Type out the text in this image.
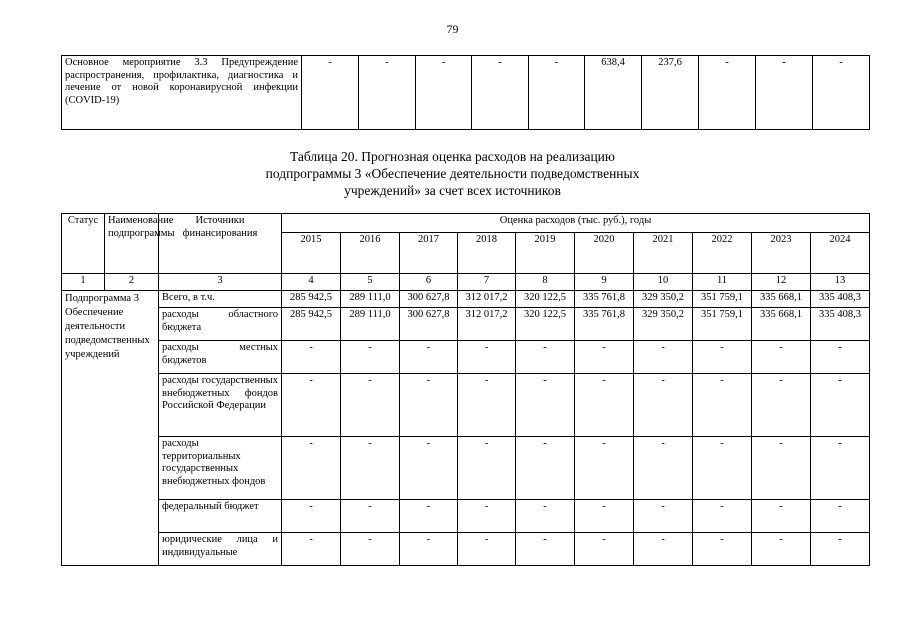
79
Основное мероприятие 3.3 Предупреждение распространения, профилактика, диагностика и лечение от новой коронавирусной инфекции (COVID-19)	-	-	-	-	-	638,4	237,6	-	-	-
Таблица 20. Прогнозная оценка расходов на реализацию
подпрограммы 3 «Обеспечение деятельности подведомственных
учреждений» за счет всех источников
Статус	Наименование подпрограммы	Источники финансирования	Оценка расходов (тыс. руб.), годы									
			2015	2016	2017	2018	2019	2020	2021	2022	2023	2024
1	2	3	4	5	6	7	8	9	10	11	12	13
Подпрограмма 3 Обеспечение деятельности подведомственных учреждений		Всего, в т.ч.	285 942,5	289 111,0	300 627,8	312 017,2	320 122,5	335 761,8	329 350,2	351 759,1	335 668,1	335 408,3
		расходы областного бюджета	285 942,5	289 111,0	300 627,8	312 017,2	320 122,5	335 761,8	329 350,2	351 759,1	335 668,1	335 408,3
		расходы местных бюджетов	-	-	-	-	-	-	-	-	-	-
		расходы государственных внебюджетных фондов Российской Федерации	-	-	-	-	-	-	-	-	-	-
		расходы территориальных государственных внебюджетных фондов	-	-	-	-	-	-	-	-	-	-
		федеральный бюджет	-	-	-	-	-	-	-	-	-	-
		юридические лица и индивидуальные	-	-	-	-	-	-	-	-	-	-
